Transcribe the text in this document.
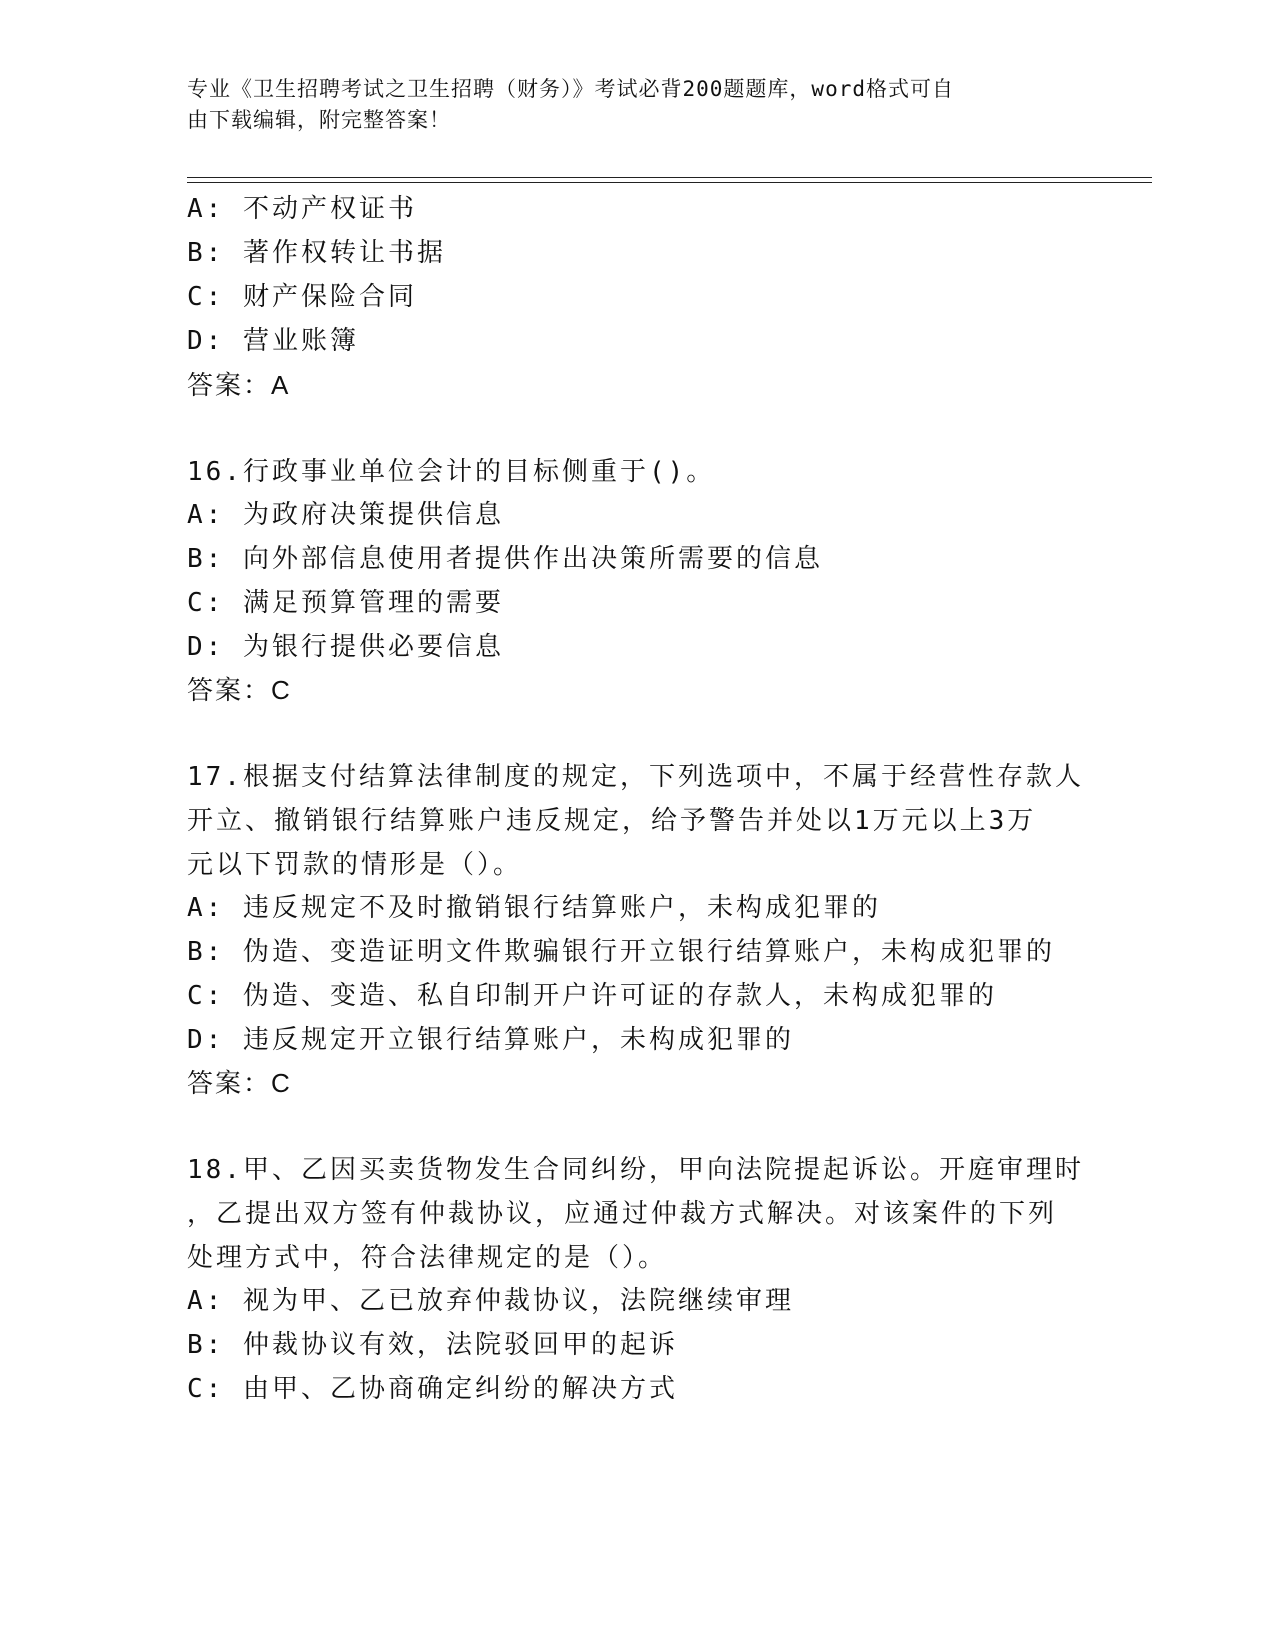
专业《卫生招聘考试之卫生招聘（财务）》考试必背200题题库，word格式可自
由下载编辑，附完整答案！
A: 不动产权证书
B: 著作权转让书据
C: 财产保险合同
D: 营业账簿
答案：A
16.行政事业单位会计的目标侧重于()。
A: 为政府决策提供信息
B: 向外部信息使用者提供作出决策所需要的信息
C: 满足预算管理的需要
D: 为银行提供必要信息
答案：C
17.根据支付结算法律制度的规定，下列选项中，不属于经营性存款人
开立、撤销银行结算账户违反规定，给予警告并处以1万元以上3万
元以下罚款的情形是（）。
A: 违反规定不及时撤销银行结算账户，未构成犯罪的
B: 伪造、变造证明文件欺骗银行开立银行结算账户，未构成犯罪的
C: 伪造、变造、私自印制开户许可证的存款人，未构成犯罪的
D: 违反规定开立银行结算账户，未构成犯罪的
答案：C
18.甲、乙因买卖货物发生合同纠纷，甲向法院提起诉讼。开庭审理时
，乙提出双方签有仲裁协议，应通过仲裁方式解决。对该案件的下列
处理方式中，符合法律规定的是（）。
A: 视为甲、乙已放弃仲裁协议，法院继续审理
B: 仲裁协议有效，法院驳回甲的起诉
C: 由甲、乙协商确定纠纷的解决方式
